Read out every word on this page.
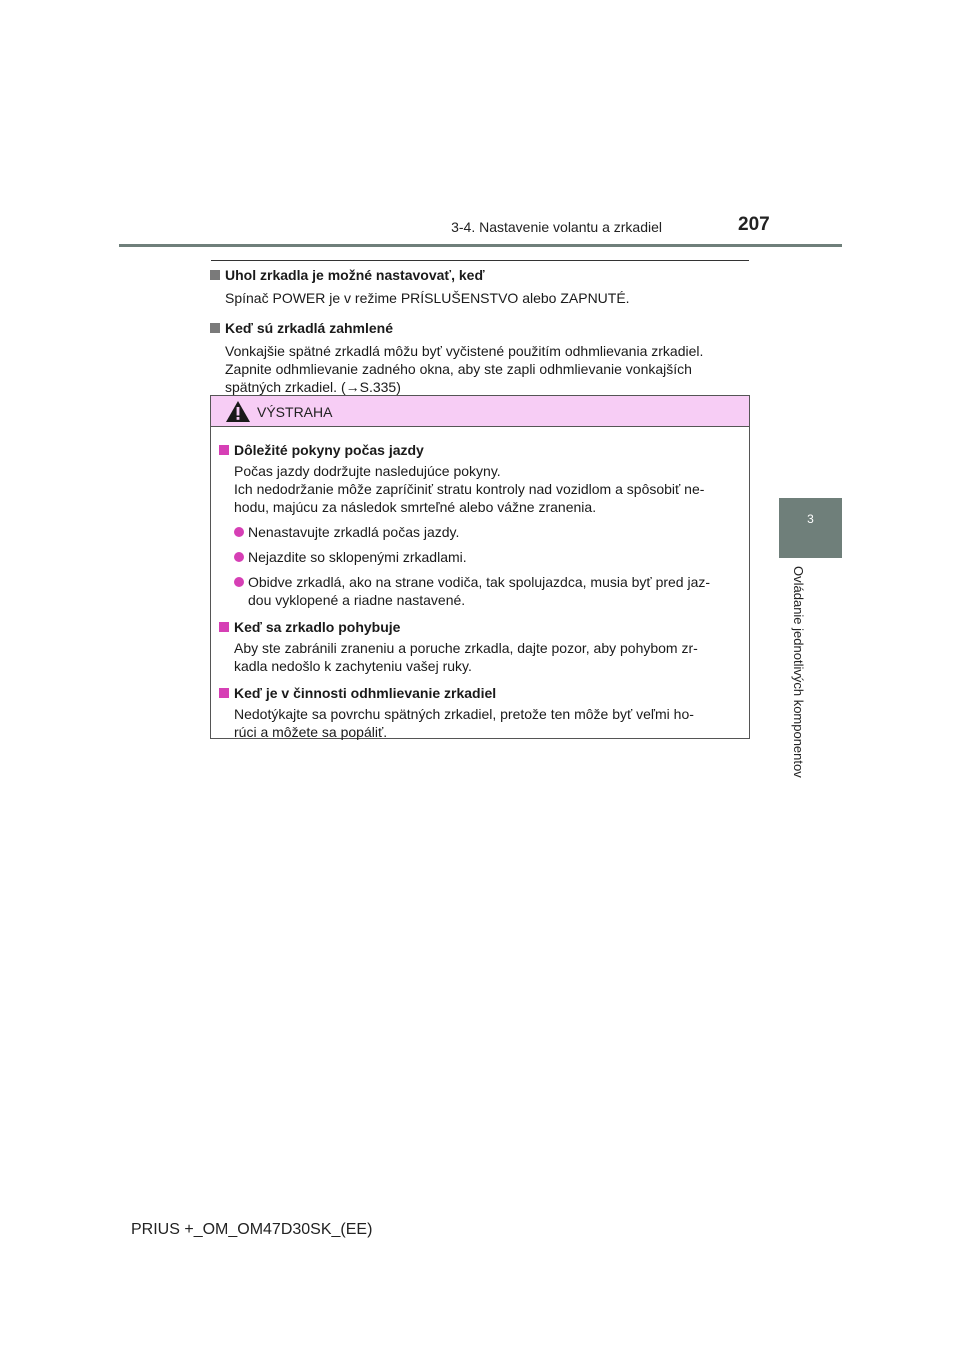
3-4. Nastavenie volantu a zrkadiel	207
Uhol zrkadla je možné nastavovať, keď
Spínač POWER je v režime PRÍSLUŠENSTVO alebo ZAPNUTÉ.
Keď sú zrkadlá zahmlené
Vonkajšie spätné zrkadlá môžu byť vyčistené použitím odhmlievania zrkadiel.
Zapnite odhmlievanie zadného okna, aby ste zapli odhmlievanie vonkajších
spätných zrkadiel. (→S.335)
VÝSTRAHA
Dôležité pokyny počas jazdy
Počas jazdy dodržujte nasledujúce pokyny.
Ich nedodržanie môže zapríčiniť stratu kontroly nad vozidlom a spôsobiť ne-
hodu, majúcu za následok smrteľné alebo vážne zranenia.
Nenastavujte zrkadlá počas jazdy.
Nejazdite so sklopenými zrkadlami.
Obidve zrkadlá, ako na strane vodiča, tak spolujazdca, musia byť pred jaz-
dou vyklopené a riadne nastavené.
Keď sa zrkadlo pohybuje
Aby ste zabránili zraneniu a poruche zrkadla, dajte pozor, aby pohybom zr-
kadla nedošlo k zachyteniu vašej ruky.
Keď je v činnosti odhmlievanie zrkadiel
Nedotýkajte sa povrchu spätných zrkadiel, pretože ten môže byť veľmi ho-
rúci a môžete sa popáliť.
3
Ovládanie jednotlivých komponentov
PRIUS +_OM_OM47D30SK_(EE)
